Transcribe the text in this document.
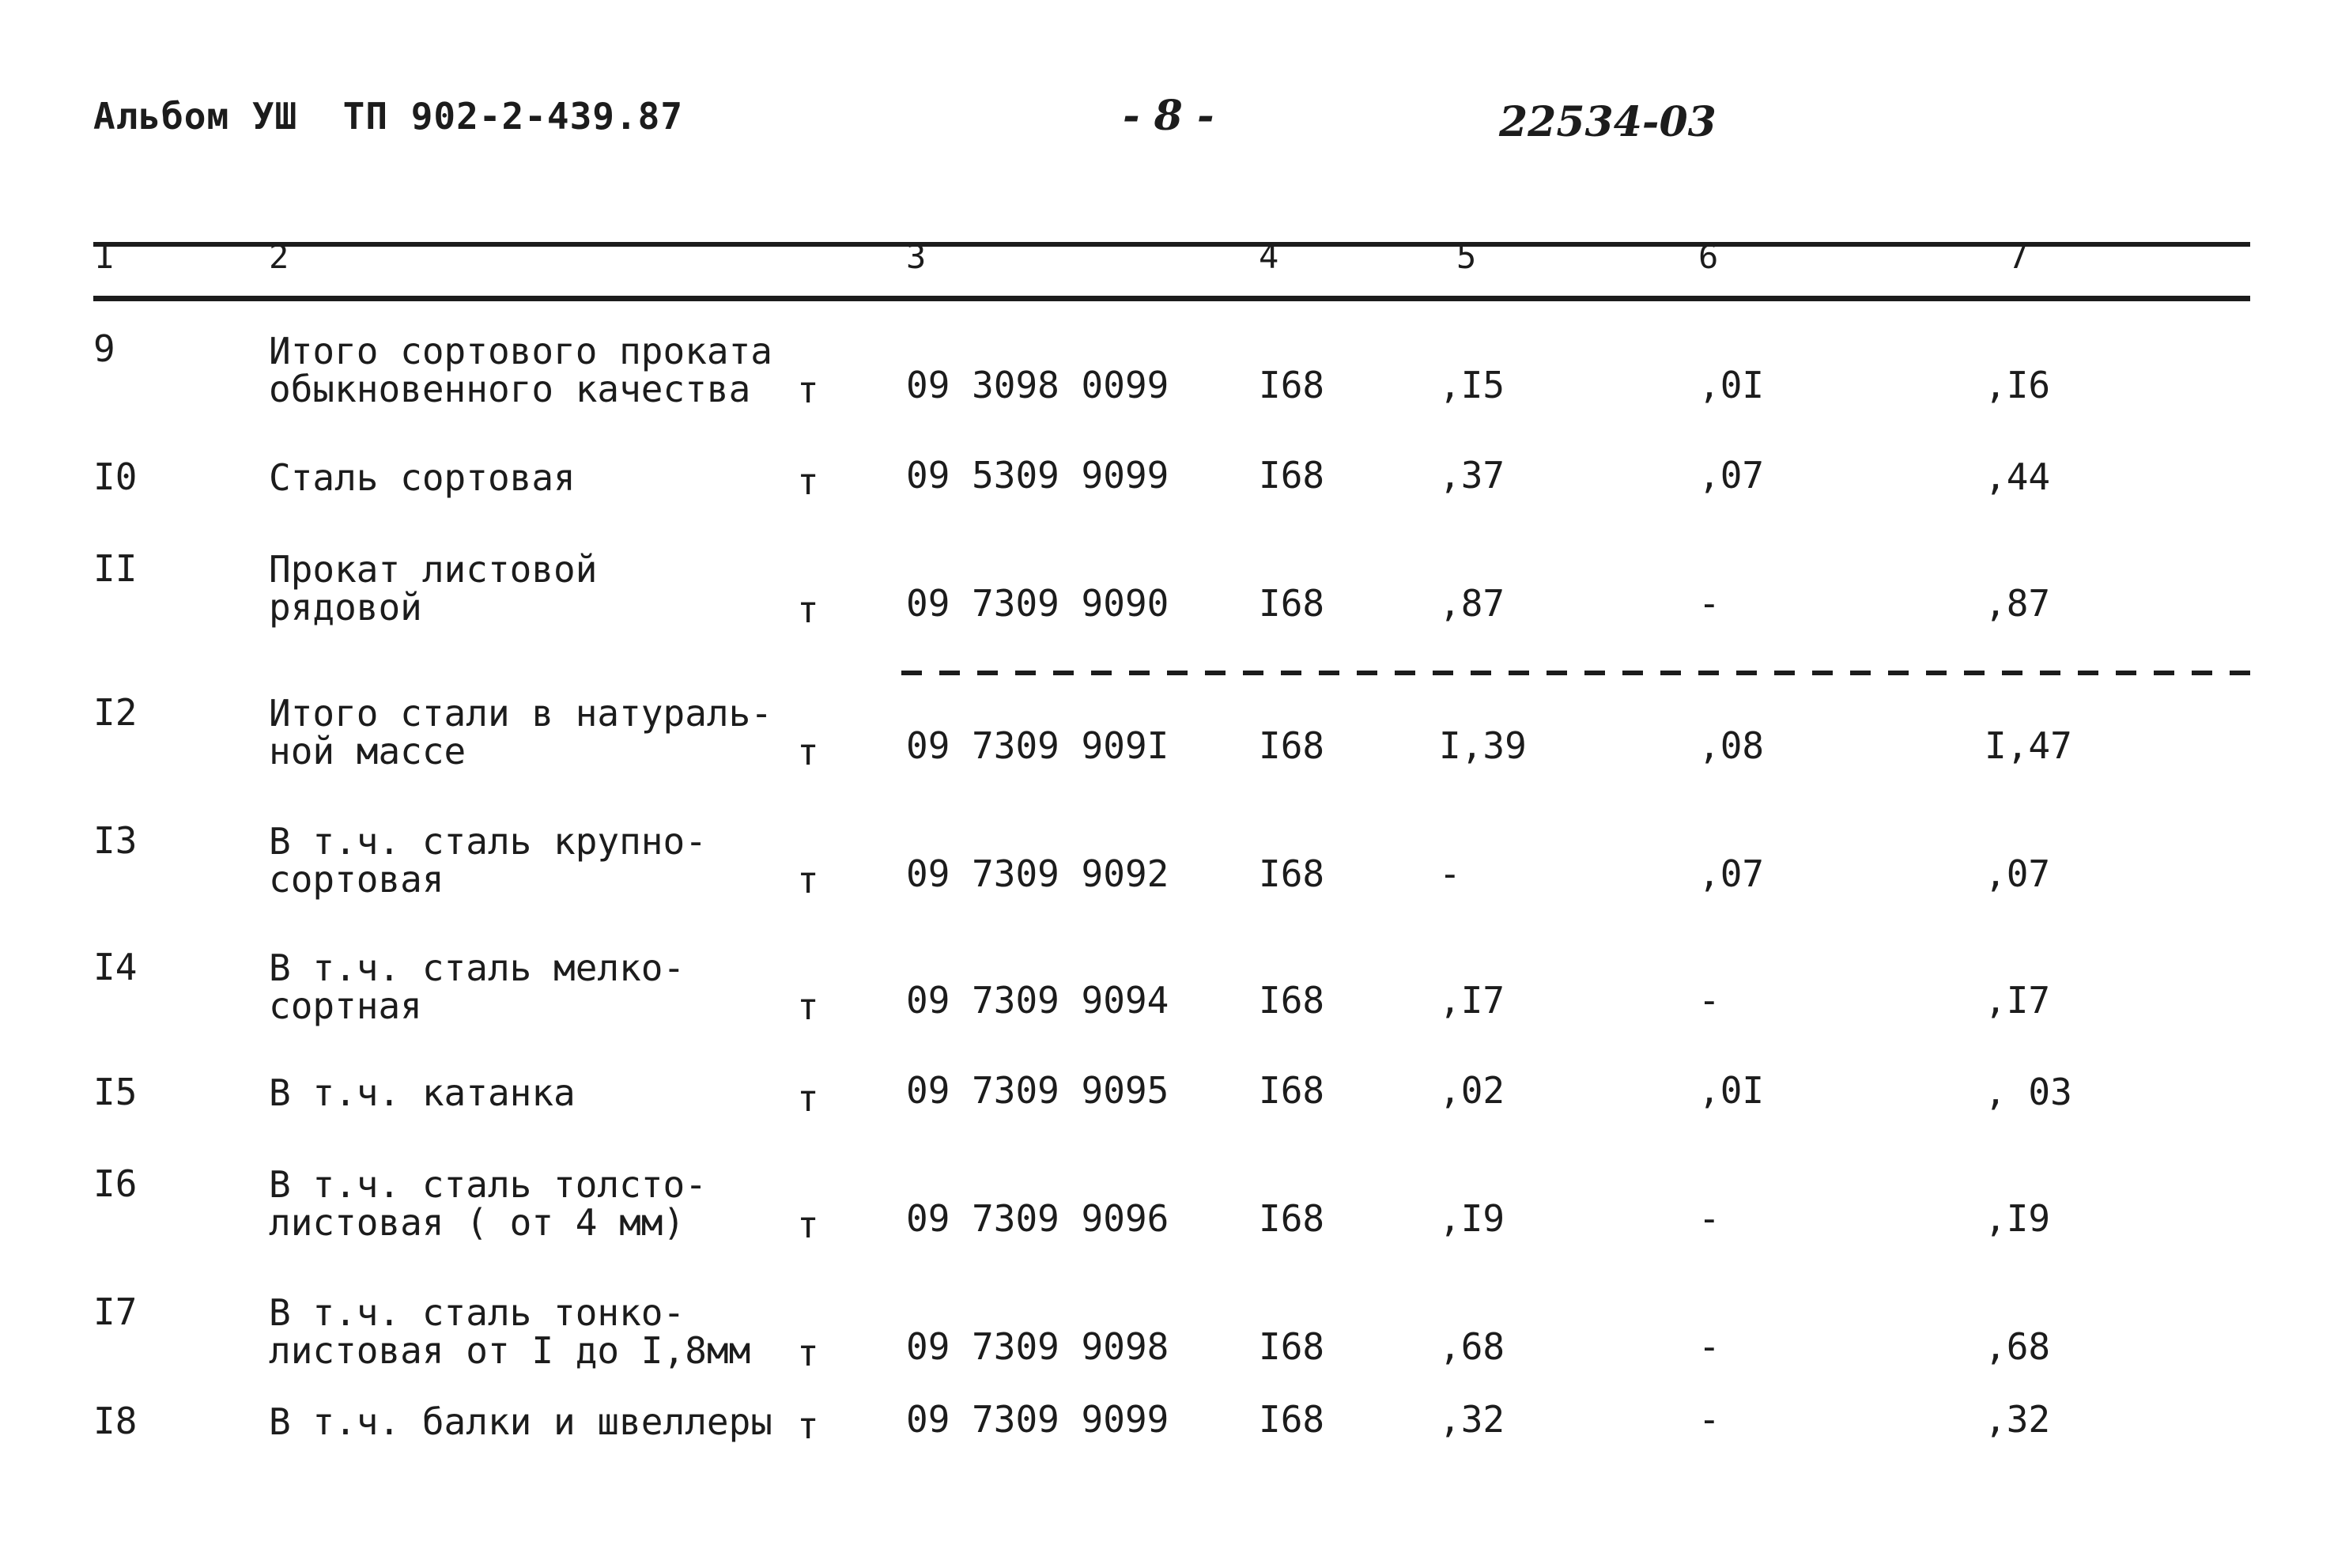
Альбом УШ  ТП 902-2-439.87	- 8 -	22534-03
I	2	3	4	5	6	7
9	Итого сортового проката
обыкновенного качества	т 09 3098 0099 I68	,I5	,0I	,I6
I0	Сталь сортовая	т 09 5309 9099 I68	,37	,07	,44
II	Прокат листовой
рядовой	т 09 7309 9090 I68	,87	-	,87
I2	Итого стали в натураль-
ной массе	т 09 7309 909I I68	I,39	,08	I,47
I3	В т.ч. сталь крупно-
сортовая	т 09 7309 9092 I68	-	,07	,07
I4	В т.ч. сталь мелко-
сортная	т 09 7309 9094 I68	,I7	-	,I7
I5	В т.ч. катанка	т 09 7309 9095 I68	,02	,0I	, 03
I6	В т.ч. сталь толсто-
листовая ( от 4 мм)	т 09 7309 9096 I68	,I9	-	,I9
I7	В т.ч. сталь тонко-
листовая от I до I,8мм т 09 7309 9098 I68	,68	-	,68
I8	В т.ч. балки и швеллеры т 09 7309 9099 I68	,32	-	,32
